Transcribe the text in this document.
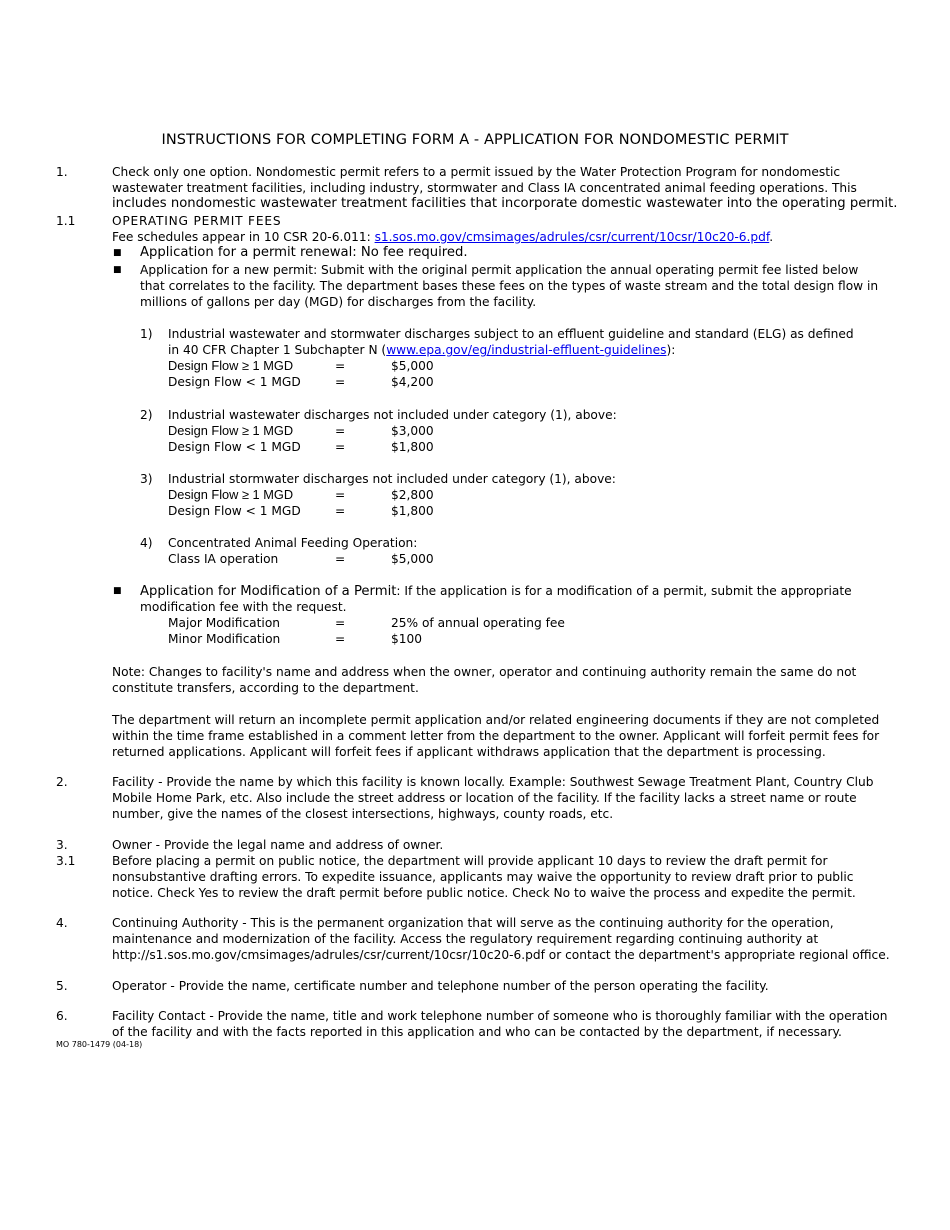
INSTRUCTIONS FOR COMPLETING FORM A - APPLICATION FOR NONDOMESTIC PERMIT
1.	Check only one option. Nondomestic permit refers to a permit issued by the Water Protection Program for nondomestic
wastewater treatment facilities, including industry, stormwater and Class IA concentrated animal feeding operations. This
includes nondomestic wastewater treatment facilities that incorporate domestic wastewater into the operating permit.
1.1	OPERATING PERMIT FEES
Fee schedules appear in 10 CSR 20-6.011: s1.sos.mo.gov/cmsimages/adrules/csr/current/10csr/10c20-6.pdf.
■ Application for a permit renewal: No fee required.
■ Application for a new permit: Submit with the original permit application the annual operating permit fee listed below
that correlates to the facility. The department bases these fees on the types of waste stream and the total design flow in
millions of gallons per day (MGD) for discharges from the facility.
1) Industrial wastewater and stormwater discharges subject to an effluent guideline and standard (ELG) as defined
in 40 CFR Chapter 1 Subchapter N (www.epa.gov/eg/industrial-effluent-guidelines):
Design Flow ≥ 1 MGD	=	$5,000
Design Flow < 1 MGD	=	$4,200
2) Industrial wastewater discharges not included under category (1), above:
Design Flow ≥ 1 MGD	=	$3,000
Design Flow < 1 MGD	=	$1,800
3) Industrial stormwater discharges not included under category (1), above:
Design Flow ≥ 1 MGD	=	$2,800
Design Flow < 1 MGD	=	$1,800
4) Concentrated Animal Feeding Operation:
Class IA operation	=	$5,000
■ Application for Modification of a Permit: If the application is for a modification of a permit, submit the appropriate
modification fee with the request.
Major Modification	=	25% of annual operating fee
Minor Modification	=	$100
Note: Changes to facility's name and address when the owner, operator and continuing authority remain the same do not
constitute transfers, according to the department.
The department will return an incomplete permit application and/or related engineering documents if they are not completed
within the time frame established in a comment letter from the department to the owner. Applicant will forfeit permit fees for
returned applications. Applicant will forfeit fees if applicant withdraws application that the department is processing.
2.	Facility - Provide the name by which this facility is known locally. Example: Southwest Sewage Treatment Plant, Country Club
Mobile Home Park, etc. Also include the street address or location of the facility. If the facility lacks a street name or route
number, give the names of the closest intersections, highways, county roads, etc.
3.	Owner - Provide the legal name and address of owner.
3.1	Before placing a permit on public notice, the department will provide applicant 10 days to review the draft permit for
nonsubstantive drafting errors. To expedite issuance, applicants may waive the opportunity to review draft prior to public
notice. Check Yes to review the draft permit before public notice. Check No to waive the process and expedite the permit.
4.	Continuing Authority - This is the permanent organization that will serve as the continuing authority for the operation,
maintenance and modernization of the facility. Access the regulatory requirement regarding continuing authority at
http://s1.sos.mo.gov/cmsimages/adrules/csr/current/10csr/10c20-6.pdf or contact the department's appropriate regional office.
5.	Operator - Provide the name, certificate number and telephone number of the person operating the facility.
6.	Facility Contact - Provide the name, title and work telephone number of someone who is thoroughly familiar with the operation
of the facility and with the facts reported in this application and who can be contacted by the department, if necessary.
MO 780-1479 (04-18)
